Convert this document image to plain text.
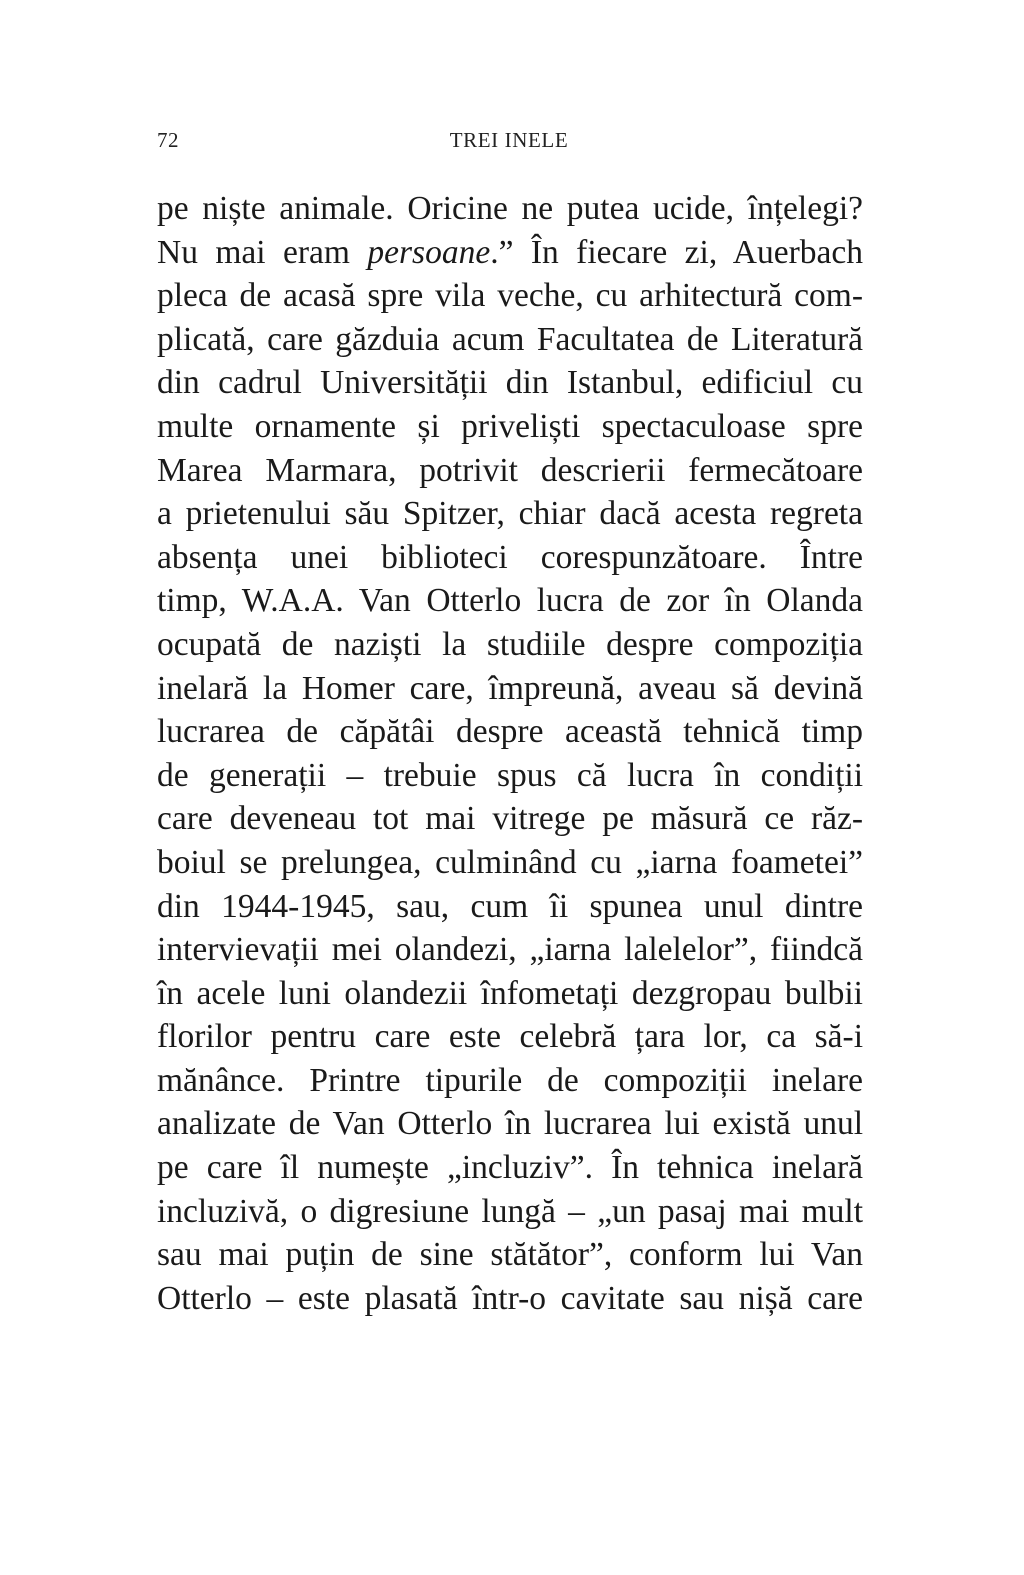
72	TREI INELE
pe niște animale. Oricine ne putea ucide, înțelegi?
Nu mai eram persoane.” În fiecare zi, Auerbach
pleca de acasă spre vila veche, cu arhitectură com-
plicată, care găzduia acum Facultatea de Literatură
din cadrul Universității din Istanbul, edificiul cu
multe ornamente și priveliști spectaculoase spre
Marea Marmara, potrivit descrierii fermecătoare
a prietenului său Spitzer, chiar dacă acesta regreta
absența unei biblioteci corespunzătoare. Între
timp, W.A.A. Van Otterlo lucra de zor în Olanda
ocupată de naziști la studiile despre compoziția
inelară la Homer care, împreună, aveau să devină
lucrarea de căpătâi despre această tehnică timp
de generații – trebuie spus că lucra în condiții
care deveneau tot mai vitrege pe măsură ce răz-
boiul se prelungea, culminând cu „iarna foametei”
din 1944-1945, sau, cum îi spunea unul dintre
intervievații mei olandezi, „iarna lalelelor”, fiindcă
în acele luni olandezii înfometați dezgropau bulbii
florilor pentru care este celebră țara lor, ca să-i
mănânce. Printre tipurile de compoziții inelare
analizate de Van Otterlo în lucrarea lui există unul
pe care îl numește „incluziv”. În tehnica inelară
incluzivă, o digresiune lungă – „un pasaj mai mult
sau mai puțin de sine stătător”, conform lui Van
Otterlo – este plasată într-o cavitate sau nișă care
